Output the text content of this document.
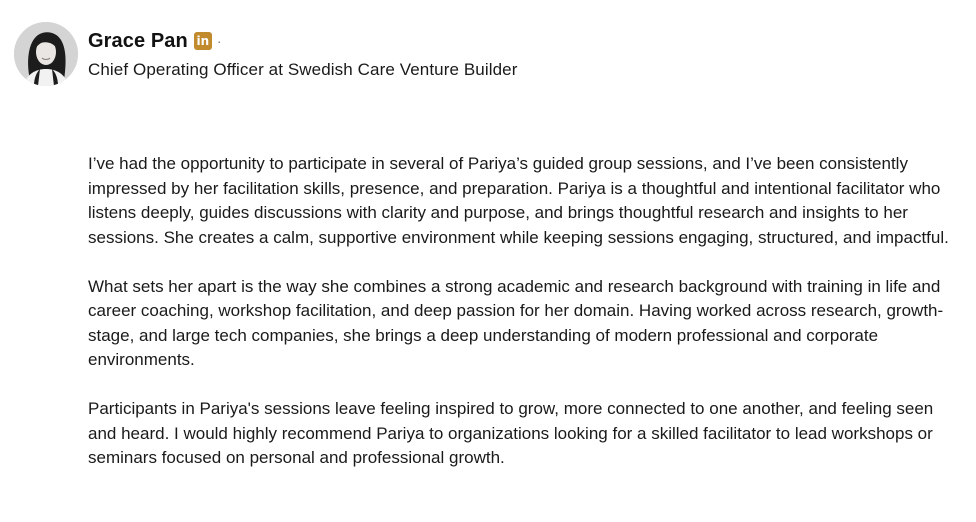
Grace Pan in ·
Chief Operating Officer at Swedish Care Venture Builder

I’ve had the opportunity to participate in several of Pariya’s guided group sessions, and I’ve been consistently impressed by her facilitation skills, presence, and preparation. Pariya is a thoughtful and intentional facilitator who listens deeply, guides discussions with clarity and purpose, and brings thoughtful research and insights to her sessions. She creates a calm, supportive environment while keeping sessions engaging, structured, and impactful.

What sets her apart is the way she combines a strong academic and research background with training in life and career coaching, workshop facilitation, and deep passion for her domain. Having worked across research, growth-stage, and large tech companies, she brings a deep understanding of modern professional and corporate environments.

Participants in Pariya's sessions leave feeling inspired to grow, more connected to one another, and feeling seen and heard. I would highly recommend Pariya to organizations looking for a skilled facilitator to lead workshops or seminars focused on personal and professional growth.
